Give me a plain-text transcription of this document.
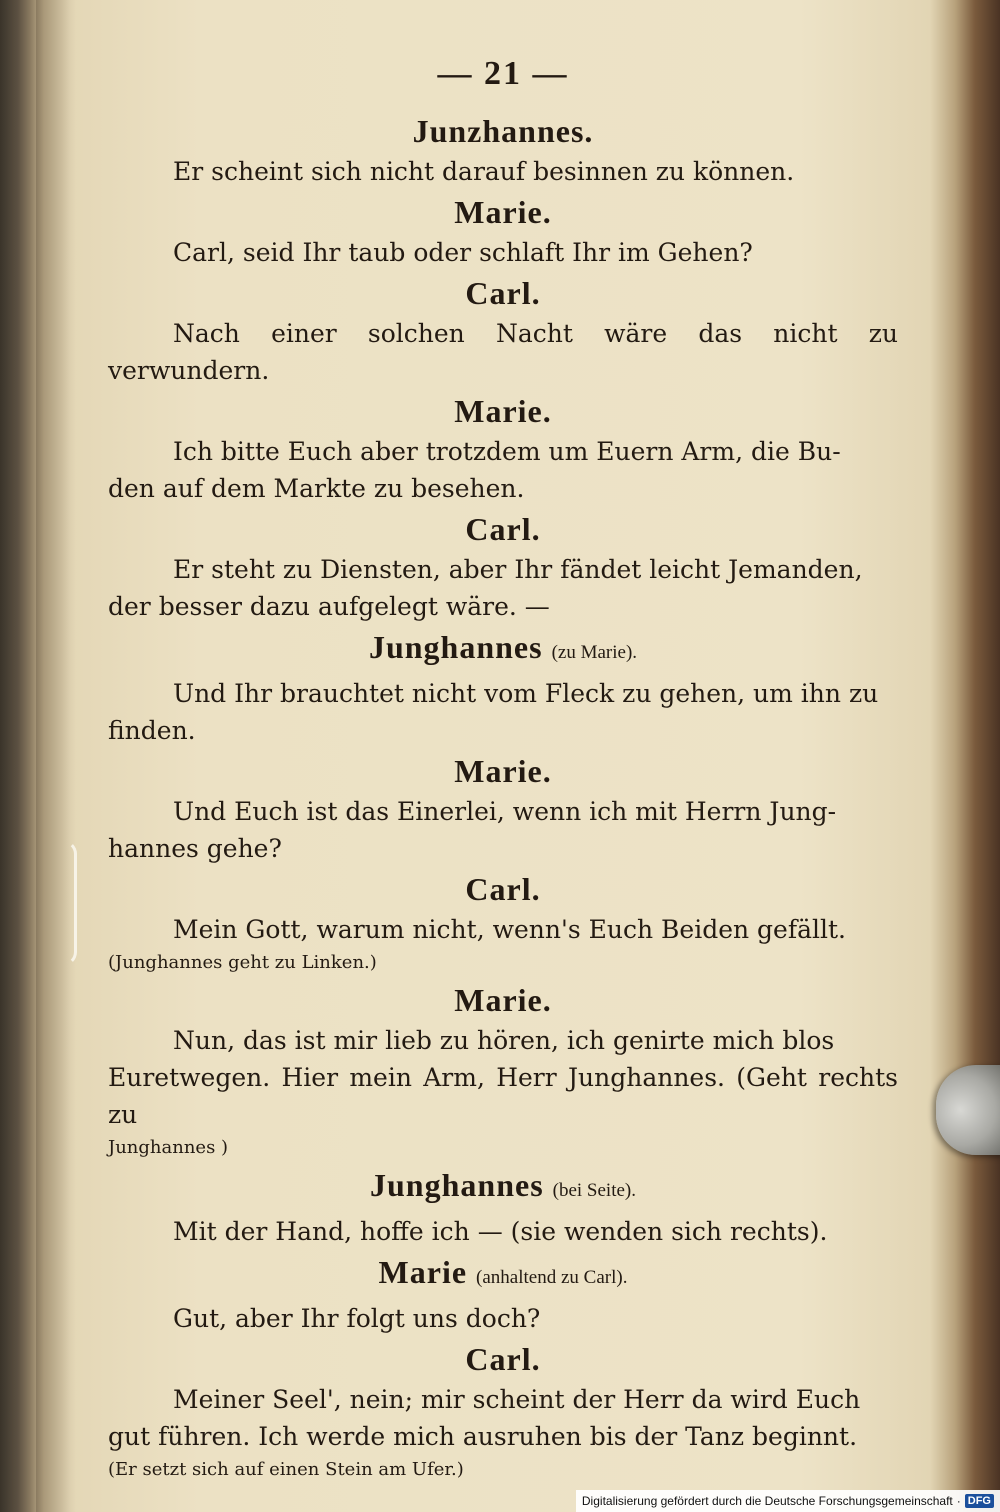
— 21 —
Junzhannes.

Er scheint sich nicht darauf besinnen zu können.

Marie.

Carl, seid Ihr taub oder schlaft Ihr im Gehen?

Carl.

Nach einer solchen Nacht wäre das nicht zu verwundern.

Marie.

Ich bitte Euch aber trotzdem um Euern Arm, die Bu-

den auf dem Markte zu besehen.

Carl.

Er steht zu Diensten, aber Ihr fändet leicht Jemanden,

der besser dazu aufgelegt wäre. —

Junghannes (zu Marie).

Und Ihr brauchtet nicht vom Fleck zu gehen, um ihn zu

finden.

Marie.

Und Euch ist das Einerlei, wenn ich mit Herrn Jung-

hannes gehe?

Carl.

Mein Gott, warum nicht, wenn's Euch Beiden gefällt.

(Junghannes geht zu Linken.)

Marie.

Nun, das ist mir lieb zu hören, ich genirte mich blos

Euretwegen. Hier mein Arm, Herr Junghannes. (Geht rechts zu

Junghannes )

Junghannes (bei Seite).

Mit der Hand, hoffe ich — (sie wenden sich rechts).

Marie (anhaltend zu Carl).

Gut, aber Ihr folgt uns doch?

Carl.

Meiner Seel', nein; mir scheint der Herr da wird Euch

gut führen. Ich werde mich ausruhen bis der Tanz beginnt.

(Er setzt sich auf einen Stein am Ufer.)

Digitalisierung gefördert durch die Deutsche Forschungsgemeinschaft · DFG
